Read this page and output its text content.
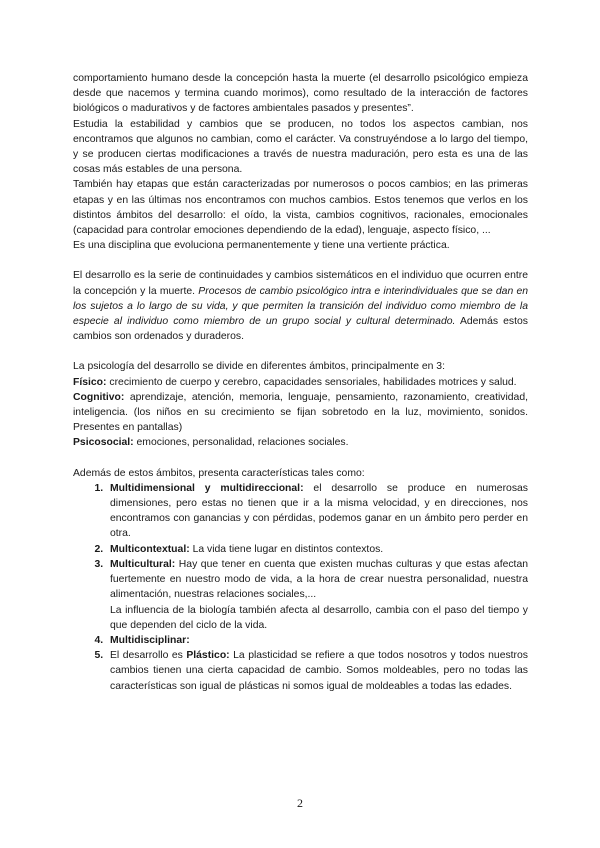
comportamiento humano desde la concepción hasta la muerte (el desarrollo psicológico empieza desde que nacemos y termina cuando morimos), como resultado de la interacción de factores biológicos o madurativos y de factores ambientales pasados y presentes”.

Estudia la estabilidad y cambios que se producen, no todos los aspectos cambian, nos encontramos que algunos no cambian, como el carácter. Va construyéndose a lo largo del tiempo, y se producen ciertas modificaciones a través de nuestra maduración, pero esta es una de las cosas más estables de una persona.

También hay etapas que están caracterizadas por numerosos o pocos cambios; en las primeras etapas y en las últimas nos encontramos con muchos cambios. Estos tenemos que verlos en los distintos ámbitos del desarrollo: el oído, la vista, cambios cognitivos, racionales, emocionales (capacidad para controlar emociones dependiendo de la edad), lenguaje, aspecto físico, ...

Es una disciplina que evoluciona permanentemente y tiene una vertiente práctica.

El desarrollo es la serie de continuidades y cambios sistemáticos en el individuo que ocurren entre la concepción y la muerte. Procesos de cambio psicológico intra e interindividuales que se dan en los sujetos a lo largo de su vida, y que permiten la transición del individuo como miembro de la especie al individuo como miembro de un grupo social y cultural determinado. Además estos cambios son ordenados y duraderos.

La psicología del desarrollo se divide en diferentes ámbitos, principalmente en 3:

Físico: crecimiento de cuerpo y cerebro, capacidades sensoriales, habilidades motrices y salud.

Cognitivo: aprendizaje, atención, memoria, lenguaje, pensamiento, razonamiento, creatividad, inteligencia. (los niños en su crecimiento se fijan sobretodo en la luz, movimiento, sonidos. Presentes en pantallas)

Psicosocial: emociones, personalidad, relaciones sociales.

Además de estos ámbitos, presenta características tales como:

1. Multidimensional y multidireccional: el desarrollo se produce en numerosas dimensiones, pero estas no tienen que ir a la misma velocidad, y en direcciones, nos encontramos con ganancias y con pérdidas, podemos ganar en un ámbito pero perder en otra.
2. Multicontextual: La vida tiene lugar en distintos contextos.
3. Multicultural: Hay que tener en cuenta que existen muchas culturas y que estas afectan fuertemente en nuestro modo de vida, a la hora de crear nuestra personalidad, nuestra alimentación, nuestras relaciones sociales,...
La influencia de la biología también afecta al desarrollo, cambia con el paso del tiempo y que dependen del ciclo de la vida.
4. Multidisciplinar:
5. El desarrollo es Plástico: La plasticidad se refiere a que todos nosotros y todos nuestros cambios tienen una cierta capacidad de cambio. Somos moldeables, pero no todas las características son igual de plásticas ni somos igual de moldeables a todas las edades.
2
